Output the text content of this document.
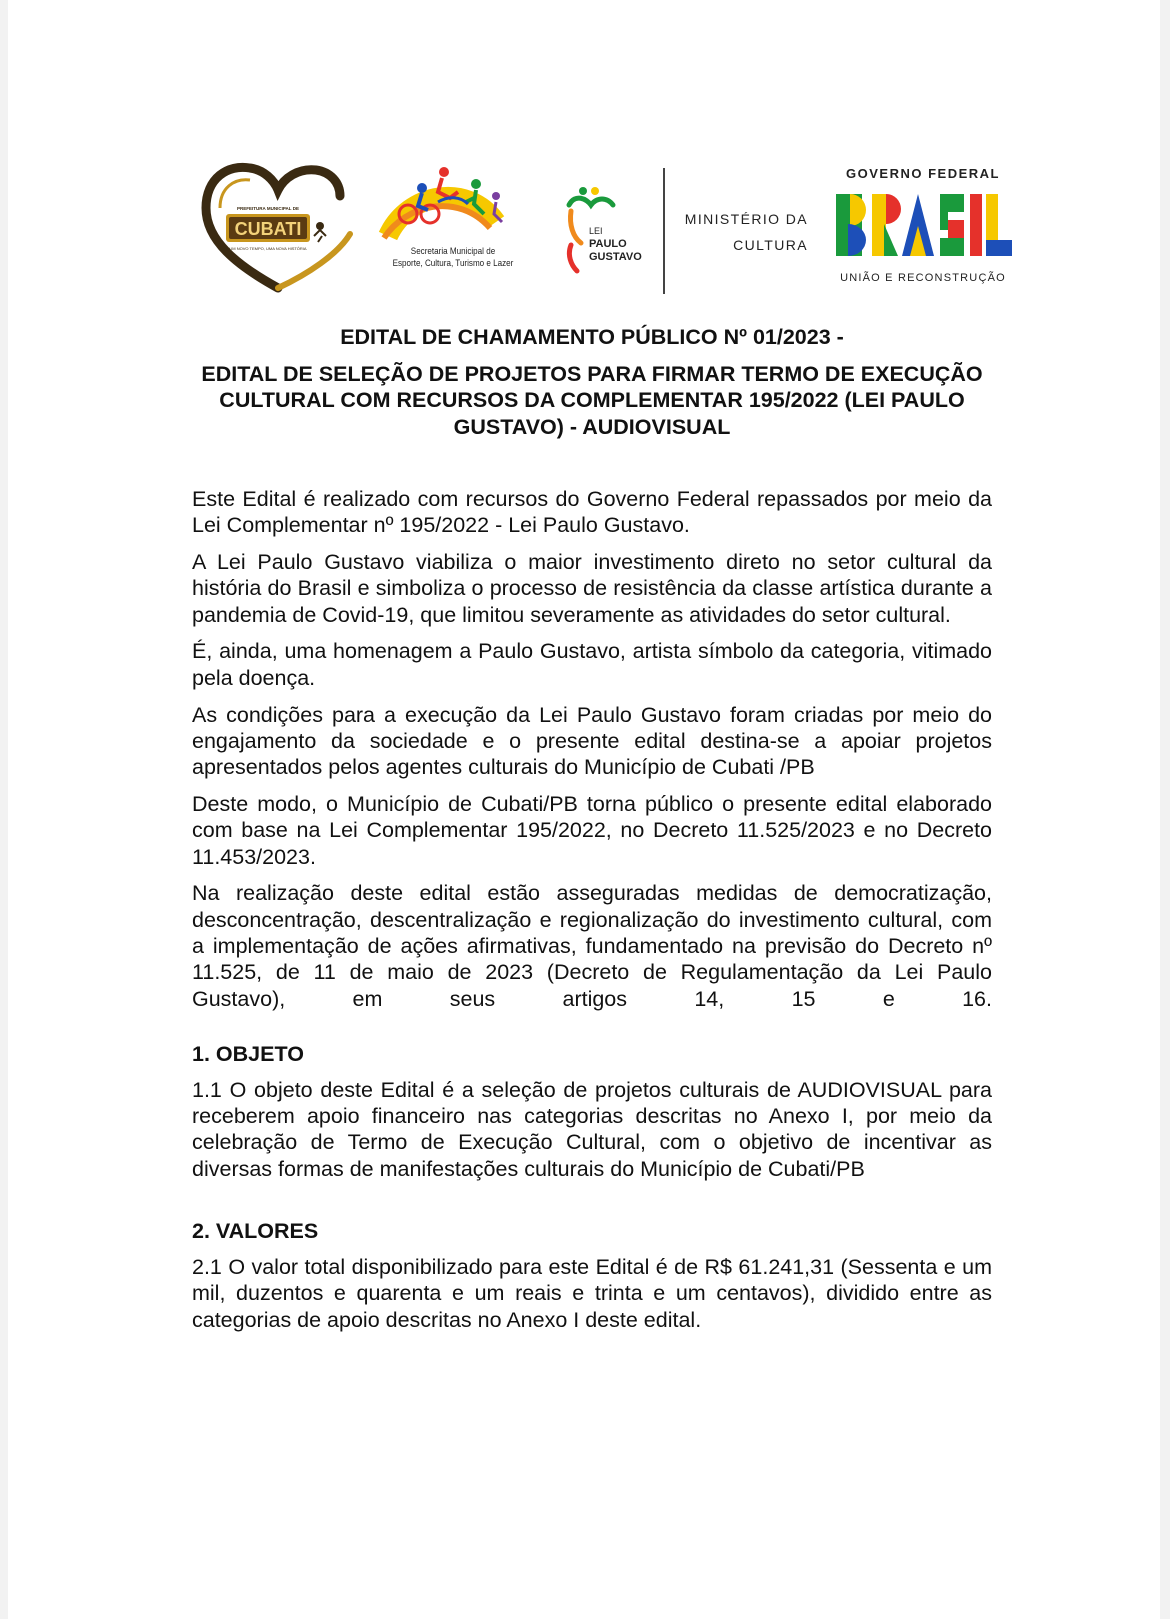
CUBATI
PREFEITURA MUNICIPAL DE
UM NOVO TEMPO, UMA NOVA HISTÓRIA	Secretaria Municipal de
Esporte, Cultura, Turismo e Lazer
LEI
PAULO
GUSTAVO
MINISTÉRIO DA
CULTURA
GOVERNO FEDERAL
BRASIL
UNIÃO E RECONSTRUÇÃO
EDITAL DE CHAMAMENTO PÚBLICO Nº 01/2023 -
EDITAL DE SELEÇÃO DE PROJETOS PARA FIRMAR TERMO DE EXECUÇÃO CULTURAL COM RECURSOS DA COMPLEMENTAR 195/2022 (LEI PAULO GUSTAVO) - AUDIOVISUAL

Este Edital é realizado com recursos do Governo Federal repassados por meio da Lei Complementar nº 195/2022 - Lei Paulo Gustavo.

A Lei Paulo Gustavo viabiliza o maior investimento direto no setor cultural da história do Brasil e simboliza o processo de resistência da classe artística durante a pandemia de Covid-19, que limitou severamente as atividades do setor cultural.

É, ainda, uma homenagem a Paulo Gustavo, artista símbolo da categoria, vitimado pela doença.

As condições para a execução da Lei Paulo Gustavo foram criadas por meio do engajamento da sociedade e o presente edital destina-se a apoiar projetos apresentados pelos agentes culturais do Município de Cubati /PB

Deste modo, o Município de Cubati/PB torna público o presente edital elaborado com base na Lei Complementar 195/2022, no Decreto 11.525/2023 e no Decreto 11.453/2023.

Na realização deste edital estão asseguradas medidas de democratização, desconcentração, descentralização e regionalização do investimento cultural, com a implementação de ações afirmativas, fundamentado na previsão do Decreto nº 11.525, de 11 de maio de 2023 (Decreto de Regulamentação da Lei Paulo Gustavo), em seus artigos 14, 15 e 16.

1. OBJETO

1.1 O objeto deste Edital é a seleção de projetos culturais de AUDIOVISUAL para receberem apoio financeiro nas categorias descritas no Anexo I, por meio da celebração de Termo de Execução Cultural, com o objetivo de incentivar as diversas formas de manifestações culturais do Município de Cubati/PB

2. VALORES

2.1 O valor total disponibilizado para este Edital é de R$ 61.241,31 (Sessenta e um mil, duzentos e quarenta e um reais e trinta e um centavos), dividido entre as categorias de apoio descritas no Anexo I deste edital.
